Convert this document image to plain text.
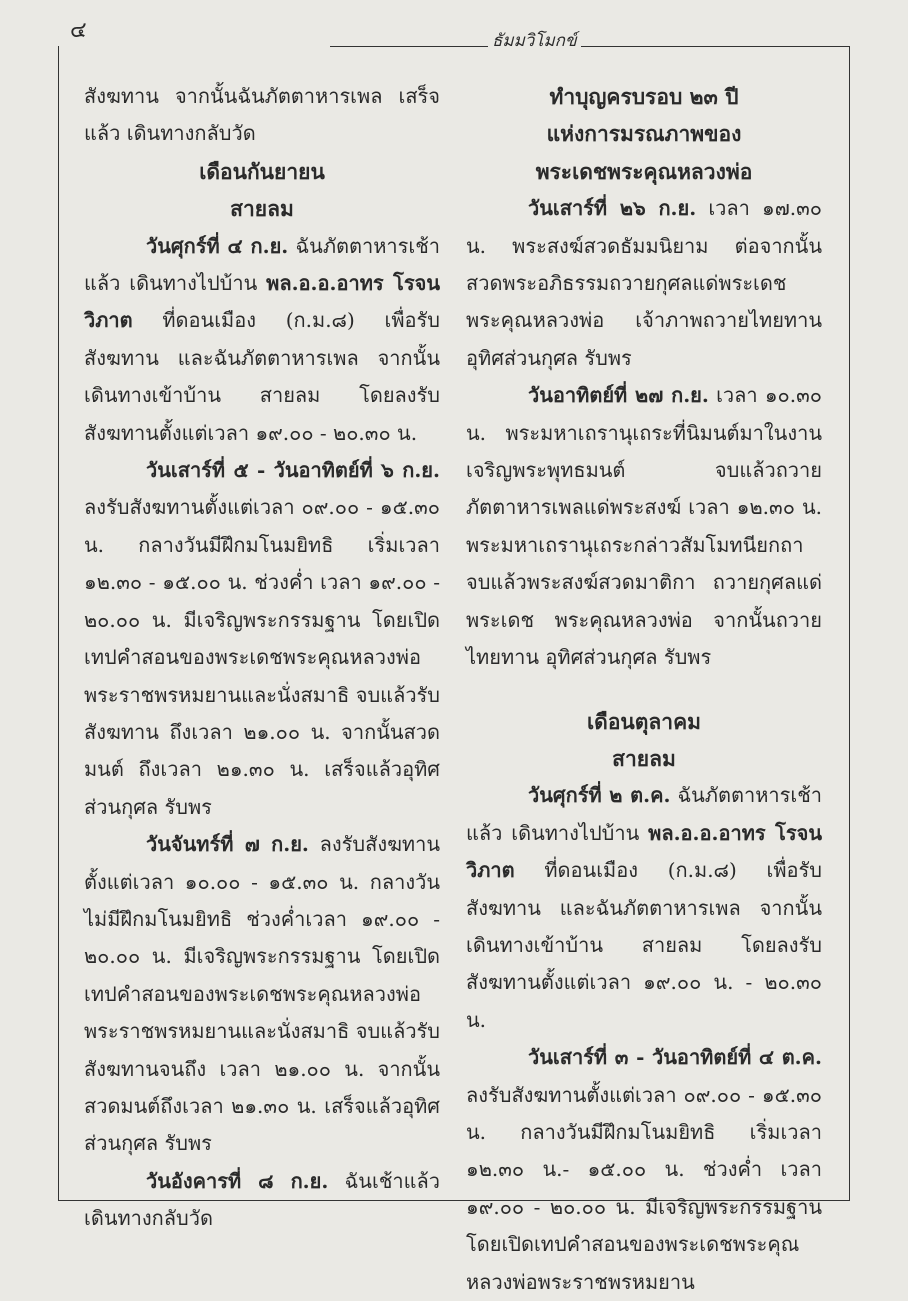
๔	ธัมมวิโมกข์

สังฆทาน จากนั้นฉันภัตตาหารเพล เสร็จแล้ว เดินทางกลับวัด

เดือนกันยายน
สายลม

วันศุกร์ที่ ๔ ก.ย. ฉันภัตตาหารเช้าแล้ว เดินทางไปบ้าน พล.อ.อ.อาทร โรจนวิภาต ที่ดอนเมือง (ก.ม.๘) เพื่อรับสังฆทาน และฉันภัตตาหารเพล จากนั้นเดินทางเข้าบ้าน สายลม โดยลงรับสังฆทานตั้งแต่เวลา ๑๙.๐๐ - ๒๐.๓๐ น.

วันเสาร์ที่ ๕ - วันอาทิตย์ที่ ๖ ก.ย. ลงรับสังฆทานตั้งแต่เวลา ๐๙.๐๐ - ๑๕.๓๐ น. กลางวันมีฝึกมโนมยิทธิ เริ่มเวลา ๑๒.๓๐ - ๑๕.๐๐ น. ช่วงค่ำ เวลา ๑๙.๐๐ - ๒๐.๐๐ น. มีเจริญพระกรรมฐาน โดยเปิดเทปคำสอนของพระเดชพระคุณหลวงพ่อพระราชพรหมยานและนั่งสมาธิ จบแล้วรับสังฆทาน ถึงเวลา ๒๑.๐๐ น. จากนั้นสวดมนต์ ถึงเวลา ๒๑.๓๐ น. เสร็จแล้วอุทิศส่วนกุศล รับพร

วันจันทร์ที่ ๗ ก.ย. ลงรับสังฆทาน ตั้งแต่เวลา ๑๐.๐๐ - ๑๕.๓๐ น. กลางวันไม่มีฝึกมโนมยิทธิ ช่วงค่ำเวลา ๑๙.๐๐ - ๒๐.๐๐ น. มีเจริญพระกรรมฐาน โดยเปิดเทปคำสอนของพระเดชพระคุณหลวงพ่อพระราชพรหมยานและนั่งสมาธิ จบแล้วรับสังฆทานจนถึง เวลา ๒๑.๐๐ น. จากนั้นสวดมนต์ถึงเวลา ๒๑.๓๐ น. เสร็จแล้วอุทิศส่วนกุศล รับพร

วันอังคารที่ ๘ ก.ย. ฉันเช้าแล้วเดินทางกลับวัด

ทำบุญครบรอบ ๒๓ ปี
แห่งการมรณภาพของ
พระเดชพระคุณหลวงพ่อ

วันเสาร์ที่ ๒๖ ก.ย. เวลา ๑๗.๓๐ น. พระสงฆ์สวดธัมมนิยาม ต่อจากนั้น สวดพระอภิธรรมถวายกุศลแด่พระเดชพระคุณหลวงพ่อ เจ้าภาพถวายไทยทาน อุทิศส่วนกุศล รับพร

วันอาทิตย์ที่ ๒๗ ก.ย. เวลา ๑๐.๓๐ น. พระมหาเถรานุเถระที่นิมนต์มาในงานเจริญพระพุทธมนต์ จบแล้วถวายภัตตาหารเพลแด่พระสงฆ์ เวลา ๑๒.๓๐ น. พระมหาเถรานุเถระกล่าวสัมโมทนียกถา จบแล้วพระสงฆ์สวดมาติกา ถวายกุศลแด่พระเดช พระคุณหลวงพ่อ จากนั้นถวายไทยทาน อุทิศส่วนกุศล รับพร

เดือนตุลาคม
สายลม

วันศุกร์ที่ ๒ ต.ค. ฉันภัตตาหารเช้าแล้ว เดินทางไปบ้าน พล.อ.อ.อาทร โรจนวิภาต ที่ดอนเมือง (ก.ม.๘) เพื่อรับสังฆทาน และฉันภัตตาหารเพล จากนั้น เดินทางเข้าบ้าน สายลม โดยลงรับสังฆทานตั้งแต่เวลา ๑๙.๐๐ น. - ๒๐.๓๐ น.

วันเสาร์ที่ ๓ - วันอาทิตย์ที่ ๔ ต.ค. ลงรับสังฆทานตั้งแต่เวลา ๐๙.๐๐ - ๑๕.๓๐ น. กลางวันมีฝึกมโนมยิทธิ เริ่มเวลา ๑๒.๓๐ น.- ๑๕.๐๐ น. ช่วงค่ำ เวลา ๑๙.๐๐ - ๒๐.๐๐ น. มีเจริญพระกรรมฐาน โดยเปิดเทปคำสอนของพระเดชพระคุณหลวงพ่อพระราชพรหมยาน
